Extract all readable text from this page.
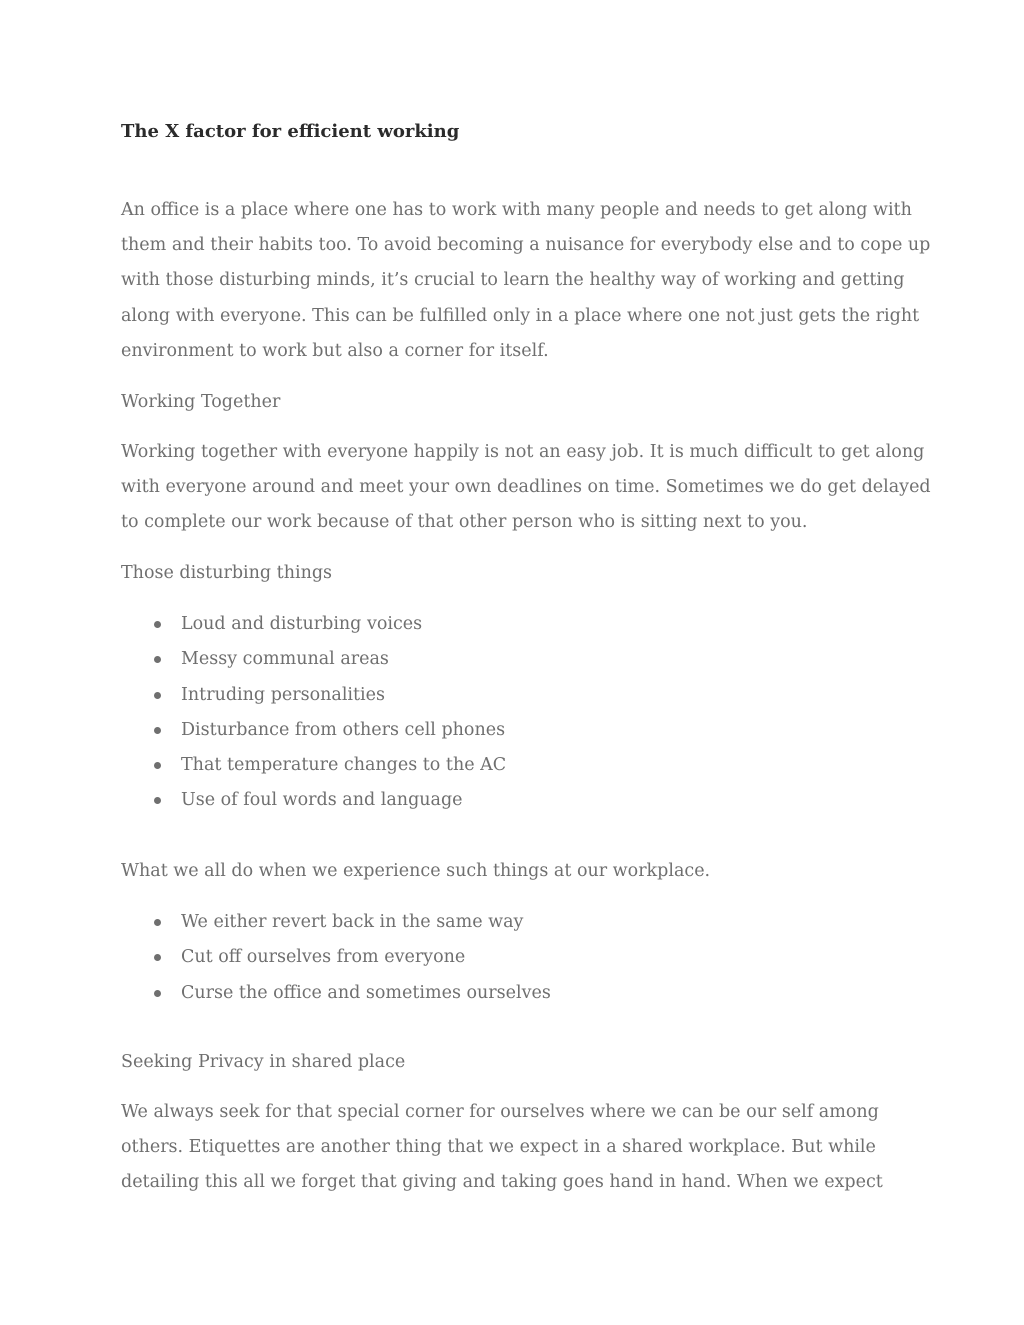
The X factor for efficient working

An office is a place where one has to work with many people and needs to get along with
them and their habits too. To avoid becoming a nuisance for everybody else and to cope up
with those disturbing minds, it’s crucial to learn the healthy way of working and getting
along with everyone. This can be fulfilled only in a place where one not just gets the right
environment to work but also a corner for itself.

Working Together

Working together with everyone happily is not an easy job. It is much difficult to get along
with everyone around and meet your own deadlines on time. Sometimes we do get delayed
to complete our work because of that other person who is sitting next to you.

Those disturbing things
Loud and disturbing voices
Messy communal areas
Intruding personalities
Disturbance from others cell phones
That temperature changes to the AC
Use of foul words and language
What we all do when we experience such things at our workplace.
We either revert back in the same way
Cut off ourselves from everyone
Curse the office and sometimes ourselves
Seeking Privacy in shared place

We always seek for that special corner for ourselves where we can be our self among
others. Etiquettes are another thing that we expect in a shared workplace. But while
detailing this all we forget that giving and taking goes hand in hand. When we expect
